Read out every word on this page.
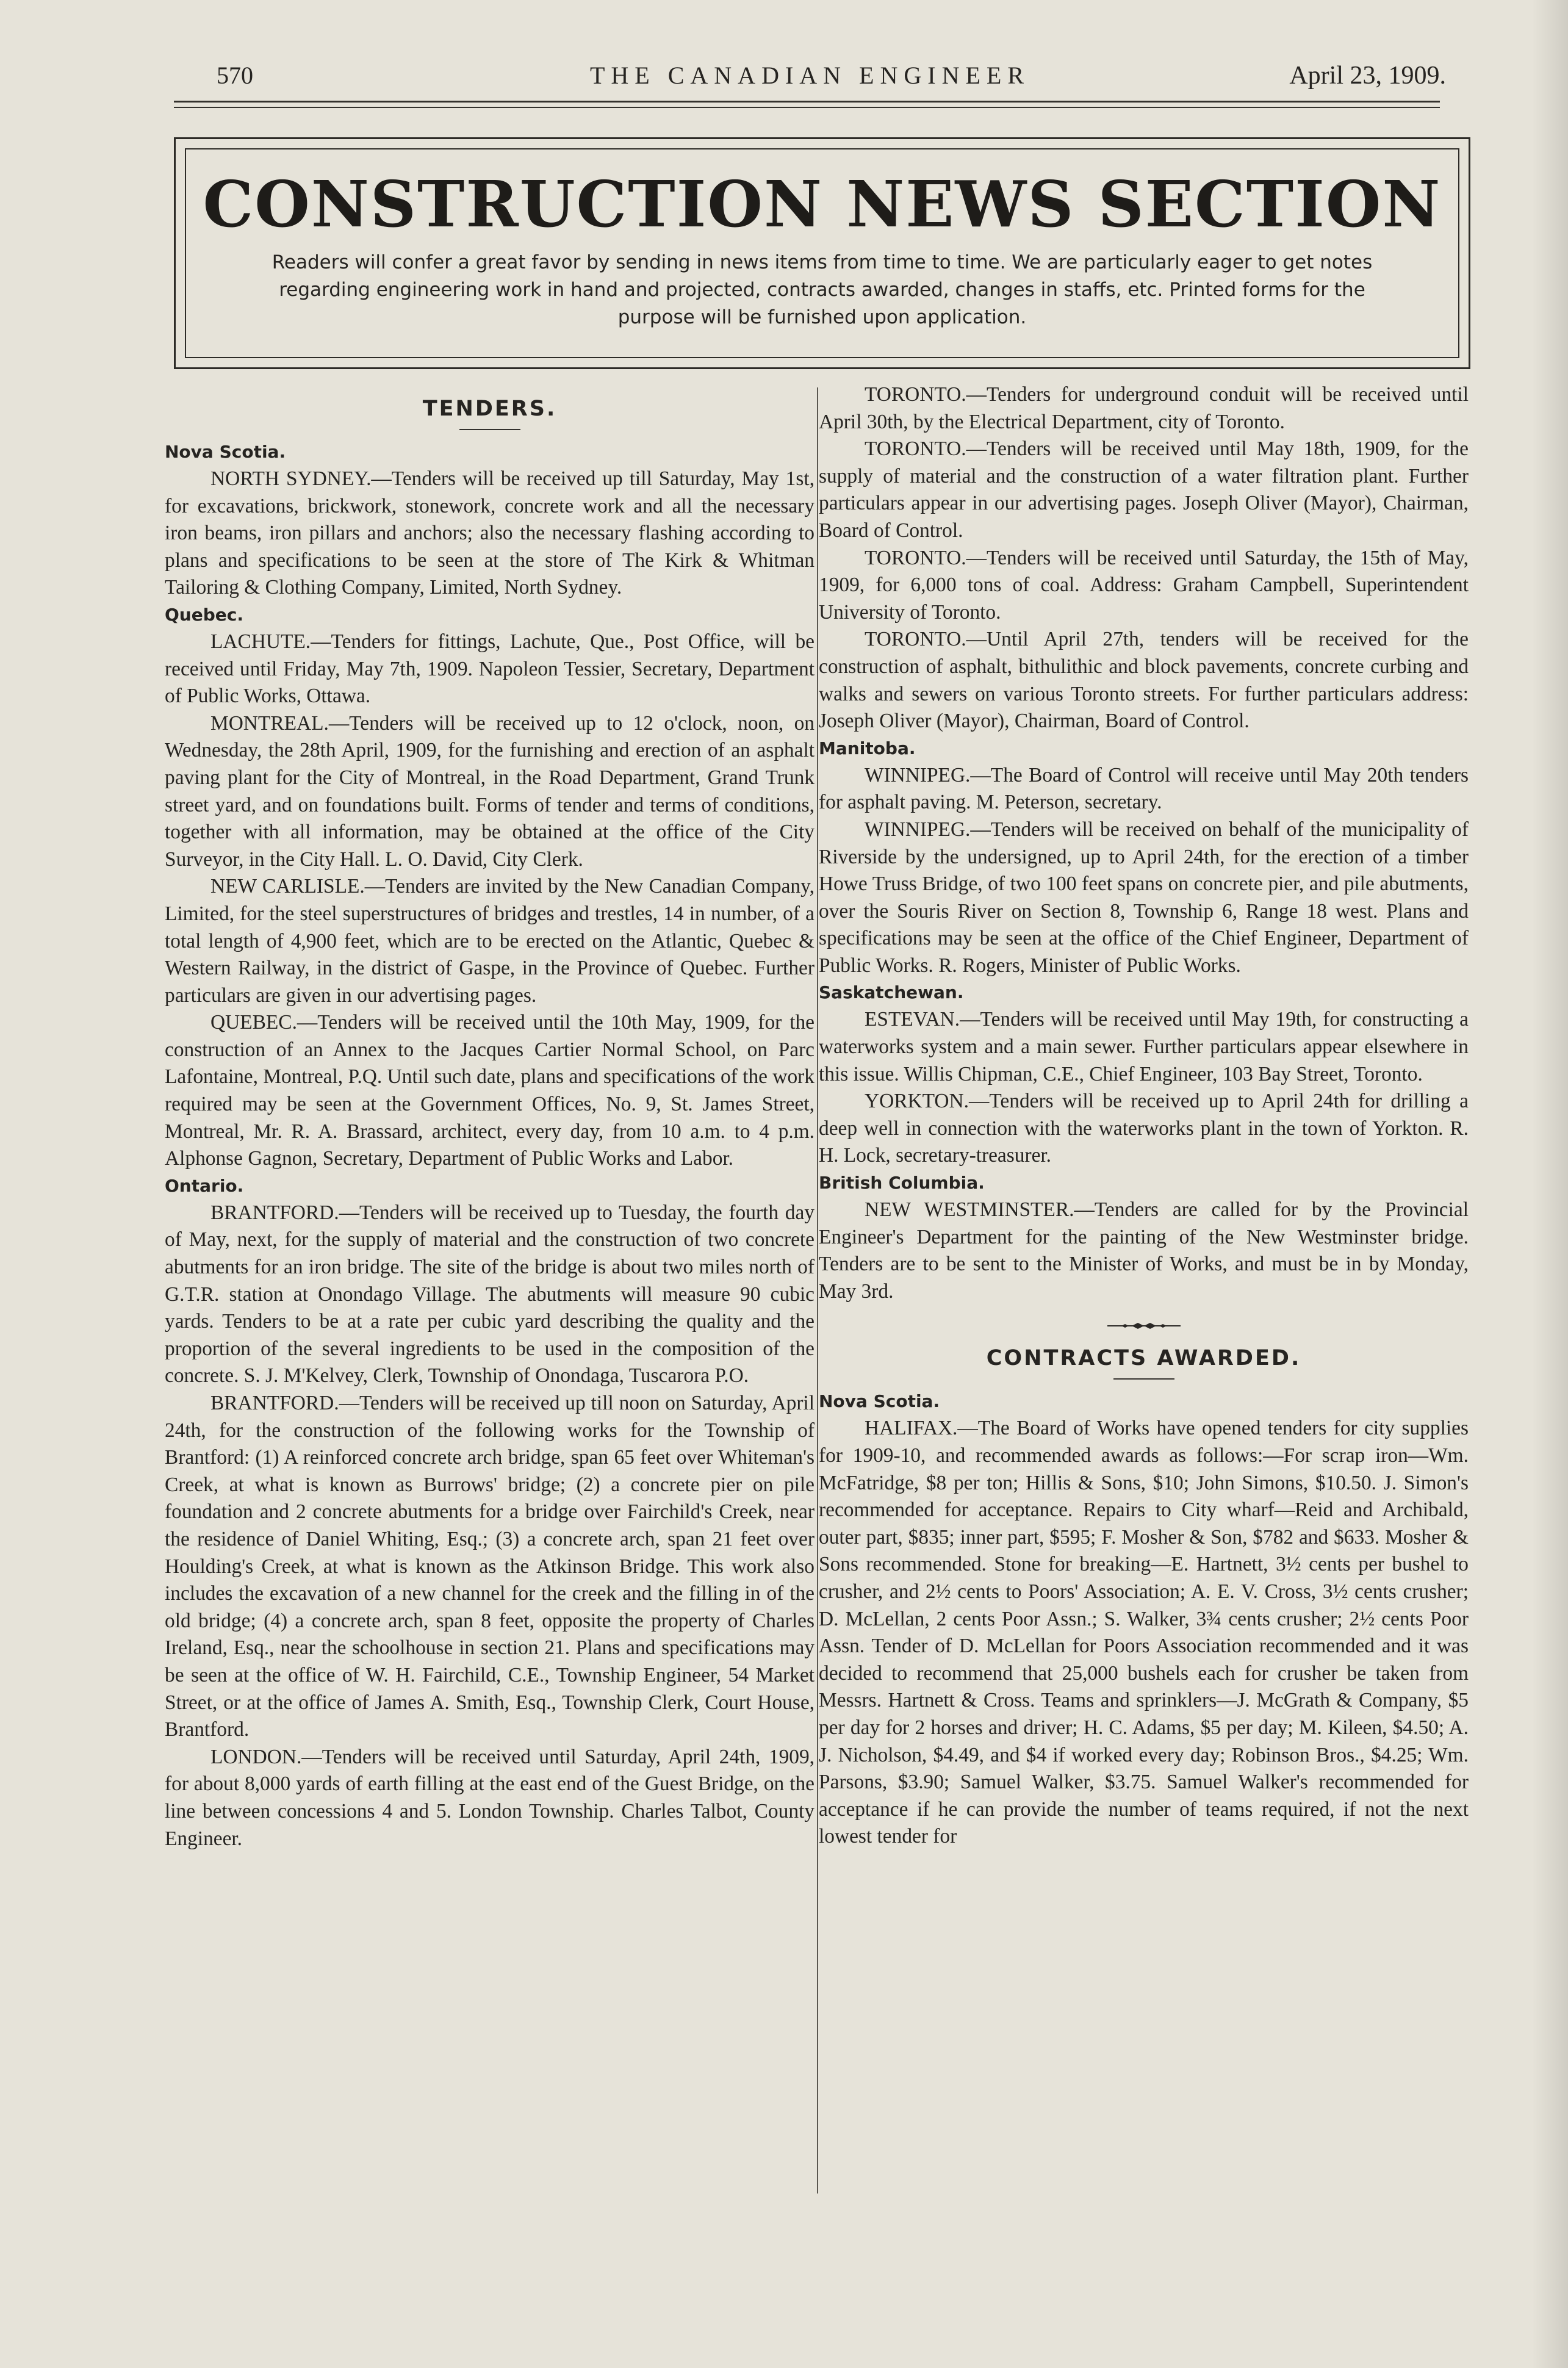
570	THE CANADIAN ENGINEER	April 23, 1909.
CONSTRUCTION NEWS SECTION
Readers will confer a great favor by sending in news items from time to time. We are particularly eager to get notes regarding engineering work in hand and projected, contracts awarded, changes in staffs, etc. Printed forms for the purpose will be furnished upon application.
TENDERS.

Nova Scotia.

NORTH SYDNEY.—Tenders will be received up till Saturday, May 1st, for excavations, brickwork, stonework, concrete work and all the necessary iron beams, iron pillars and anchors; also the necessary flashing according to plans and specifications to be seen at the store of The Kirk & Whitman Tailoring & Clothing Company, Limited, North Sydney.

Quebec.

LACHUTE.—Tenders for fittings, Lachute, Que., Post Office, will be received until Friday, May 7th, 1909. Napoleon Tessier, Secretary, Department of Public Works, Ottawa.

MONTREAL.—Tenders will be received up to 12 o'clock, noon, on Wednesday, the 28th April, 1909, for the furnishing and erection of an asphalt paving plant for the City of Montreal, in the Road Department, Grand Trunk street yard, and on foundations built. Forms of tender and terms of conditions, together with all information, may be obtained at the office of the City Surveyor, in the City Hall. L. O. David, City Clerk.

NEW CARLISLE.—Tenders are invited by the New Canadian Company, Limited, for the steel superstructures of bridges and trestles, 14 in number, of a total length of 4,900 feet, which are to be erected on the Atlantic, Quebec & Western Railway, in the district of Gaspe, in the Province of Quebec. Further particulars are given in our advertising pages.

QUEBEC.—Tenders will be received until the 10th May, 1909, for the construction of an Annex to the Jacques Cartier Normal School, on Parc Lafontaine, Montreal, P.Q. Until such date, plans and specifications of the work required may be seen at the Government Offices, No. 9, St. James Street, Montreal, Mr. R. A. Brassard, architect, every day, from 10 a.m. to 4 p.m. Alphonse Gagnon, Secretary, Department of Public Works and Labor.

Ontario.

BRANTFORD.—Tenders will be received up to Tuesday, the fourth day of May, next, for the supply of material and the construction of two concrete abutments for an iron bridge. The site of the bridge is about two miles north of G.T.R. station at Onondago Village. The abutments will measure 90 cubic yards. Tenders to be at a rate per cubic yard describing the quality and the proportion of the several ingredients to be used in the composition of the concrete. S. J. M'Kelvey, Clerk, Township of Onondaga, Tuscarora P.O.

BRANTFORD.—Tenders will be received up till noon on Saturday, April 24th, for the construction of the following works for the Township of Brantford: (1) A reinforced concrete arch bridge, span 65 feet over Whiteman's Creek, at what is known as Burrows' bridge; (2) a concrete pier on pile foundation and 2 concrete abutments for a bridge over Fairchild's Creek, near the residence of Daniel Whiting, Esq.; (3) a concrete arch, span 21 feet over Houlding's Creek, at what is known as the Atkinson Bridge. This work also includes the excavation of a new channel for the creek and the filling in of the old bridge; (4) a concrete arch, span 8 feet, opposite the property of Charles Ireland, Esq., near the schoolhouse in section 21. Plans and specifications may be seen at the office of W. H. Fairchild, C.E., Township Engineer, 54 Market Street, or at the office of James A. Smith, Esq., Township Clerk, Court House, Brantford.

LONDON.—Tenders will be received until Saturday, April 24th, 1909, for about 8,000 yards of earth filling at the east end of the Guest Bridge, on the line between concessions 4 and 5. London Township. Charles Talbot, County Engineer.

TORONTO.—Tenders for underground conduit will be received until April 30th, by the Electrical Department, city of Toronto.

TORONTO.—Tenders will be received until May 18th, 1909, for the supply of material and the construction of a water filtration plant. Further particulars appear in our advertising pages. Joseph Oliver (Mayor), Chairman, Board of Control.

TORONTO.—Tenders will be received until Saturday, the 15th of May, 1909, for 6,000 tons of coal. Address: Graham Campbell, Superintendent University of Toronto.

TORONTO.—Until April 27th, tenders will be received for the construction of asphalt, bithulithic and block pavements, concrete curbing and walks and sewers on various Toronto streets. For further particulars address: Joseph Oliver (Mayor), Chairman, Board of Control.

Manitoba.

WINNIPEG.—The Board of Control will receive until May 20th tenders for asphalt paving. M. Peterson, secretary.

WINNIPEG.—Tenders will be received on behalf of the municipality of Riverside by the undersigned, up to April 24th, for the erection of a timber Howe Truss Bridge, of two 100 feet spans on concrete pier, and pile abutments, over the Souris River on Section 8, Township 6, Range 18 west. Plans and specifications may be seen at the office of the Chief Engineer, Department of Public Works. R. Rogers, Minister of Public Works.

Saskatchewan.

ESTEVAN.—Tenders will be received until May 19th, for constructing a waterworks system and a main sewer. Further particulars appear elsewhere in this issue. Willis Chipman, C.E., Chief Engineer, 103 Bay Street, Toronto.

YORKTON.—Tenders will be received up to April 24th for drilling a deep well in connection with the waterworks plant in the town of Yorkton. R. H. Lock, secretary-treasurer.

British Columbia.

NEW WESTMINSTER.—Tenders are called for by the Provincial Engineer's Department for the painting of the New Westminster bridge. Tenders are to be sent to the Minister of Works, and must be in by Monday, May 3rd.

CONTRACTS AWARDED.

Nova Scotia.

HALIFAX.—The Board of Works have opened tenders for city supplies for 1909-10, and recommended awards as follows:—For scrap iron—Wm. McFatridge, $8 per ton; Hillis & Sons, $10; John Simons, $10.50. J. Simon's recommended for acceptance. Repairs to City wharf—Reid and Archibald, outer part, $835; inner part, $595; F. Mosher & Son, $782 and $633. Mosher & Sons recommended. Stone for breaking—E. Hartnett, 3½ cents per bushel to crusher, and 2½ cents to Poors' Association; A. E. V. Cross, 3½ cents crusher; D. McLellan, 2 cents Poor Assn.; S. Walker, 3¾ cents crusher; 2½ cents Poor Assn. Tender of D. McLellan for Poors Association recommended and it was decided to recommend that 25,000 bushels each for crusher be taken from Messrs. Hartnett & Cross. Teams and sprinklers—J. McGrath & Company, $5 per day for 2 horses and driver; H. C. Adams, $5 per day; M. Kileen, $4.50; A. J. Nicholson, $4.49, and $4 if worked every day; Robinson Bros., $4.25; Wm. Parsons, $3.90; Samuel Walker, $3.75. Samuel Walker's recommended for acceptance if he can provide the number of teams required, if not the next lowest tender for
